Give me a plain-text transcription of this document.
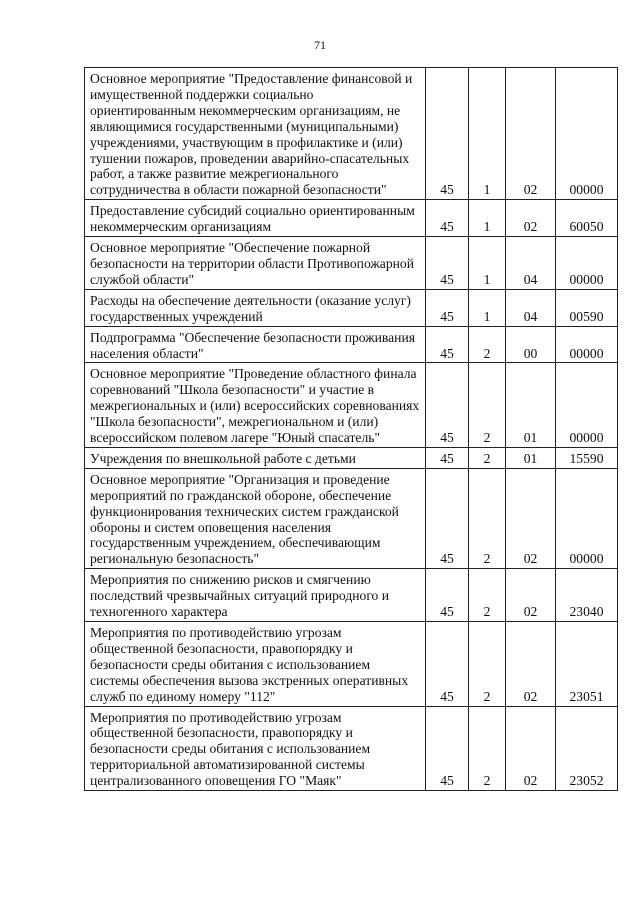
71
Основное мероприятие "Предоставление финансовой и имущественной поддержки социально ориентированным некоммерческим организациям, не являющимися государственными (муниципальными) учреждениями, участвующим в профилактике и (или) тушении пожаров, проведении аварийно-спасательных работ, а также развитие межрегионального сотрудничества в области пожарной безопасности"	45	1	02	00000
Предоставление субсидий социально ориентированным некоммерческим организациям	45	1	02	60050
Основное мероприятие "Обеспечение пожарной безопасности на территории области Противопожарной службой области"	45	1	04	00000
Расходы на обеспечение деятельности (оказание услуг) государственных учреждений	45	1	04	00590
Подпрограмма "Обеспечение безопасности проживания населения области"	45	2	00	00000
Основное мероприятие "Проведение областного финала соревнований "Школа безопасности" и участие в межрегиональных и (или) всероссийских соревнованиях "Школа безопасности", межрегиональном и (или) всероссийском полевом лагере "Юный спасатель"	45	2	01	00000
Учреждения по внешкольной работе с детьми	45	2	01	15590
Основное мероприятие "Организация и проведение мероприятий по гражданской обороне, обеспечение функционирования технических систем гражданской обороны и систем оповещения населения государственным учреждением, обеспечивающим региональную безопасность"	45	2	02	00000
Мероприятия по снижению рисков и смягчению последствий чрезвычайных ситуаций природного и техногенного характера	45	2	02	23040
Мероприятия по противодействию угрозам общественной безопасности, правопорядку и безопасности среды обитания с использованием системы обеспечения вызова экстренных оперативных служб по единому номеру "112"	45	2	02	23051
Мероприятия по противодействию угрозам общественной безопасности, правопорядку и безопасности среды обитания с использованием территориальной автоматизированной системы централизованного оповещения ГО "Маяк"	45	2	02	23052
